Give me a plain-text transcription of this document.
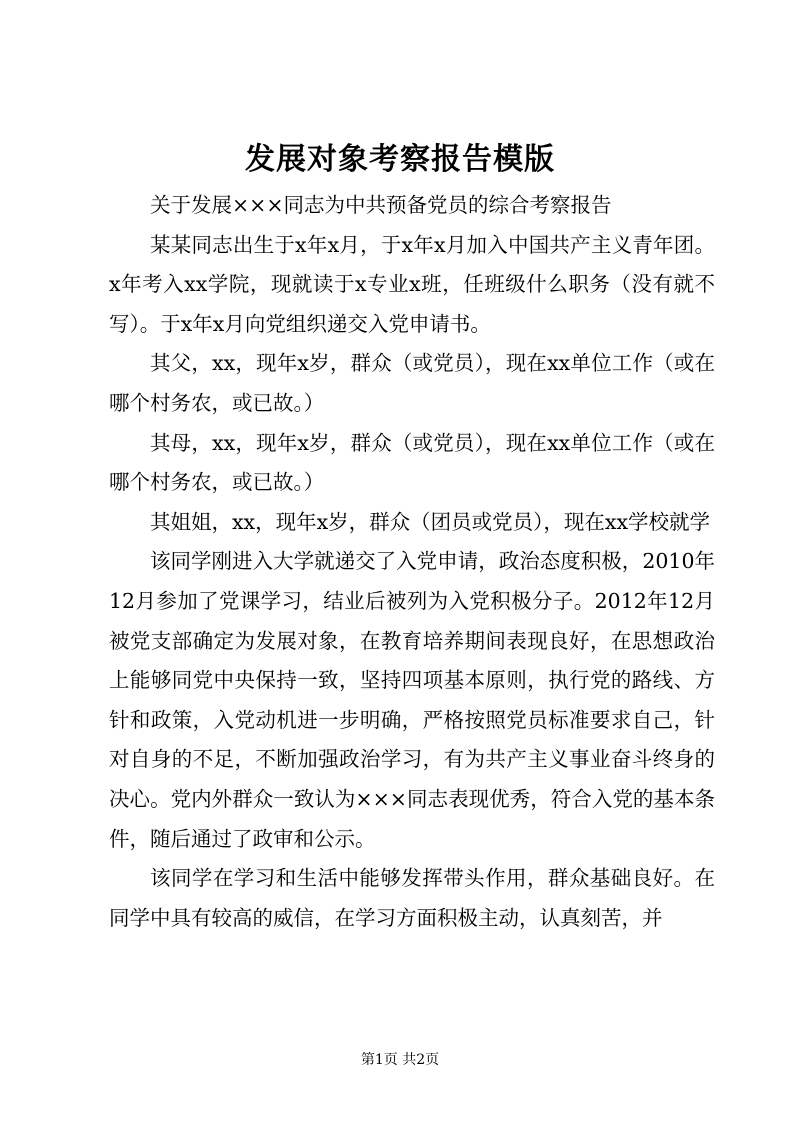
发展对象考察报告模版

关于发展×××同志为中共预备党员的综合考察报告

某某同志出生于x年x月，于x年x月加入中国共产主义青年团。x年考入xx学院，现就读于x专业x班，任班级什么职务（没有就不写）。于x年x月向党组织递交入党申请书。

其父，xx，现年x岁，群众（或党员），现在xx单位工作（或在哪个村务农，或已故。）

其母，xx，现年x岁，群众（或党员），现在xx单位工作（或在哪个村务农，或已故。）

其姐姐，xx，现年x岁，群众（团员或党员），现在xx学校就学

该同学刚进入大学就递交了入党申请，政治态度积极，2010年12月参加了党课学习，结业后被列为入党积极分子。2012年12月被党支部确定为发展对象，在教育培养期间表现良好，在思想政治上能够同党中央保持一致，坚持四项基本原则，执行党的路线、方针和政策，入党动机进一步明确，严格按照党员标准要求自己，针对自身的不足，不断加强政治学习，有为共产主义事业奋斗终身的决心。党内外群众一致认为×××同志表现优秀，符合入党的基本条件，随后通过了政审和公示。

该同学在学习和生活中能够发挥带头作用，群众基础良好。在同学中具有较高的威信，在学习方面积极主动，认真刻苦，并

第1页 共2页
